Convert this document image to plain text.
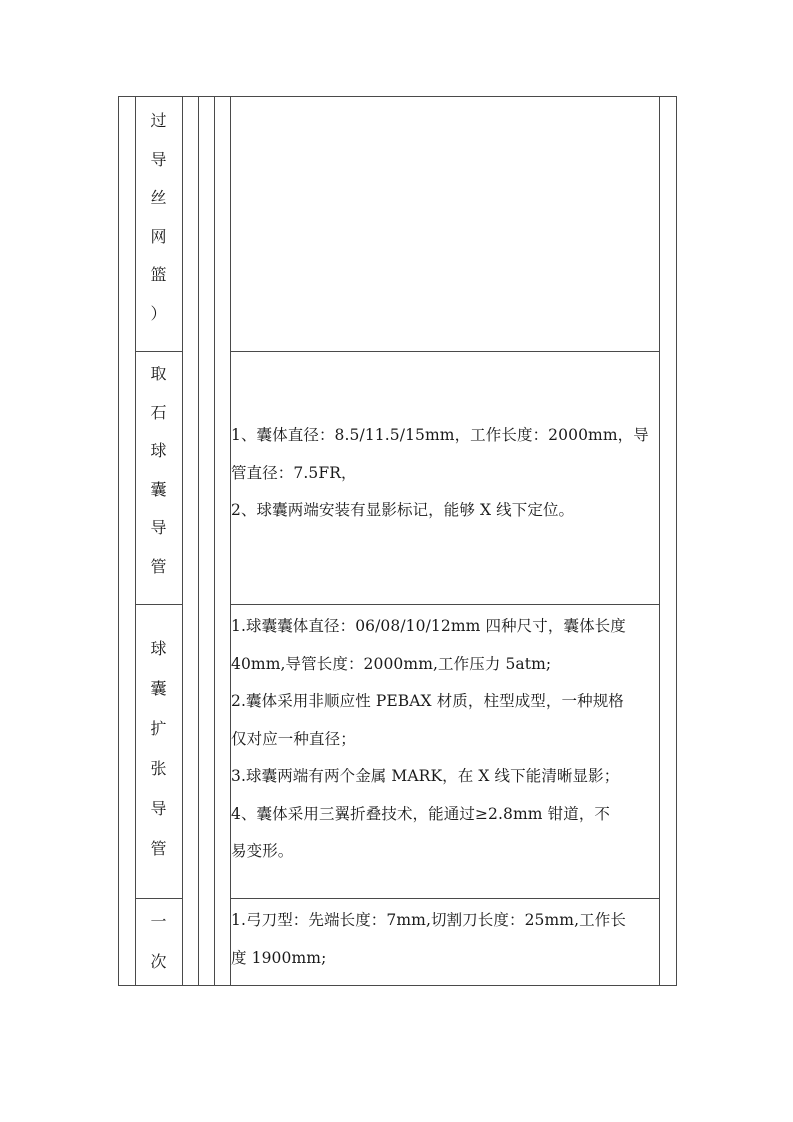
过
导
丝
网
篮
）
取
石
球
囊
导
管

1、囊体直径：8.5/11.5/15mm，工作长度：2000mm，导

管直径：7.5FR，

2、球囊两端安装有显影标记，能够 X 线下定位。

球
囊
扩
张
导
管

1.球囊囊体直径：06/08/10/12mm 四种尺寸，囊体长度

40mm,导管长度：2000mm,工作压力 5atm;

2.囊体采用非顺应性 PEBAX 材质，柱型成型，一种规格

仅对应一种直径；

3.球囊两端有两个金属 MARK，在 X 线下能清晰显影；

4、囊体采用三翼折叠技术，能通过≥2.8mm 钳道，不

易变形。

一
次

1.弓刀型：先端长度：7mm,切割刀长度：25mm,工作长

度 1900mm;
